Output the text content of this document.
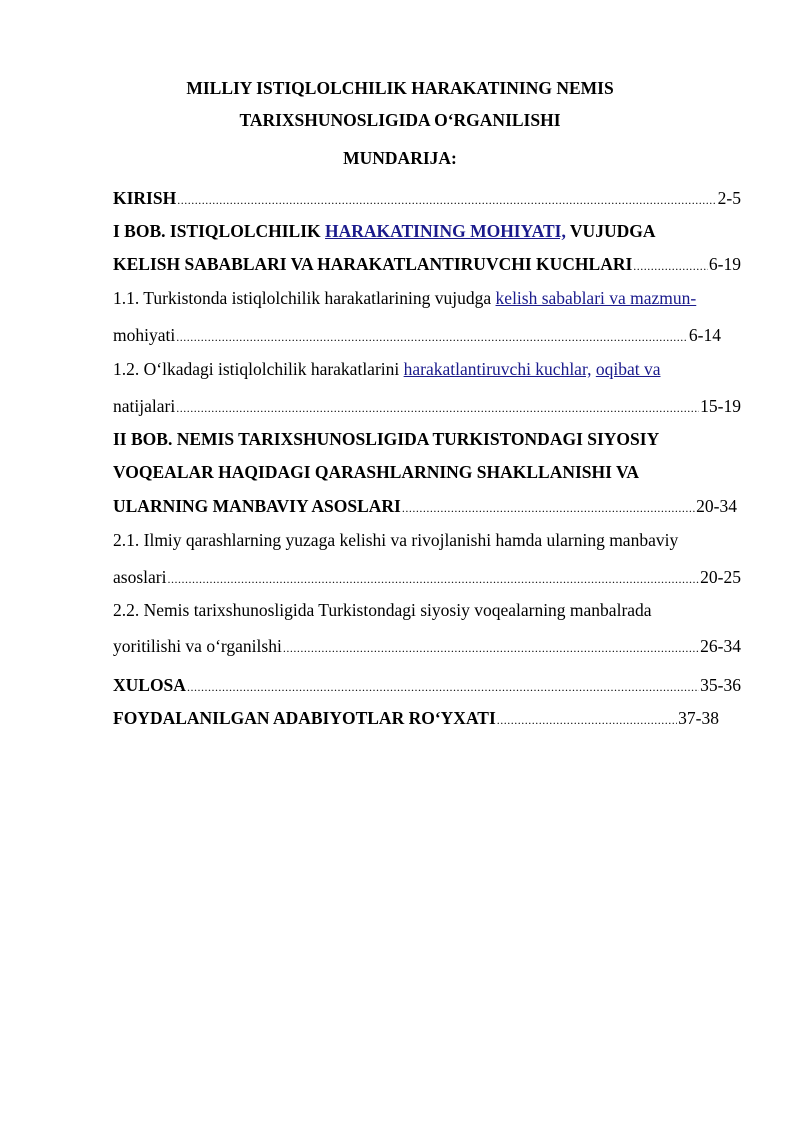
MILLIY ISTIQLOLCHILIK HARAKATINING NEMIS
TARIXSHUNOSLIGIDA O‘RGANILISHI
MUNDARIJA:
KIRISH .....	2-5
I BOB. ISTIQLOLCHILIK HARAKATINING MOHIYATI, VUJUDGA
KELISH SABABLARI VA HARAKATLANTIRUVCHI KUCHLARI .....	6-19
1.1. Turkistonda istiqlolchilik harakatlarining vujudga kelish sabablari va mazmun-
mohiyati .....	6-14
1.2. O‘lkadagi istiqlolchilik harakatlarini harakatlantiruvchi kuchlar, oqibat va
natijalari .....	15-19
II BOB. NEMIS TARIXSHUNOSLIGIDA TURKISTONDAGI SIYOSIY
VOQEALAR HAQIDAGI QARASHLARNING SHAKLLANISHI VA
ULARNING MANBAVIY ASOSLARI .....	20-34
2.1. Ilmiy qarashlarning yuzaga kelishi va rivojlanishi hamda ularning manbaviy
asoslari .....	20-25
2.2. Nemis tarixshunosligida Turkistondagi siyosiy voqealarning manbalrada
yoritilishi va o‘rganilshi .....	26-34
XULOSA .....	35-36
FOYDALANILGAN ADABIYOTLAR RO‘YXATI .....	37-38
